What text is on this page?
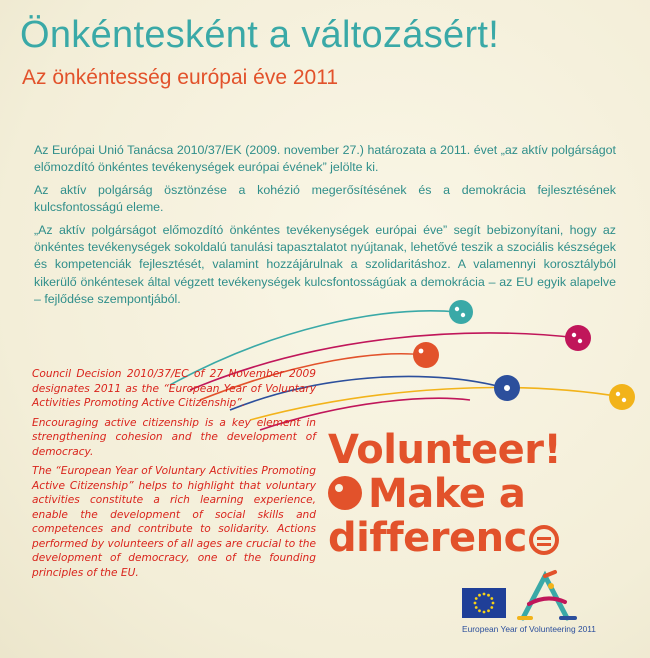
Önkéntesként a változásért!
Az önkéntesség európai éve 2011

Az Európai Unió Tanácsa 2010/37/EK (2009. november 27.) határozata a 2011. évet „az aktív polgárságot előmozdító önkéntes tevékenységek európai évének” jelölte ki.

Az aktív polgárság ösztönzése a kohézió megerősítésének és a demokrácia fejlesztésének kulcsfontosságú eleme.

„Az aktív polgárságot előmozdító önkéntes tevékenységek európai éve” segít bebizonyítani, hogy az önkéntes tevékenységek sokoldalú tanulási tapasztalatot nyújtanak, lehetővé teszik a szociális készségek és kompetenciák fejlesztését, valamint hozzájárulnak a szolidaritáshoz. A valamennyi korosztályból kikerülő önkéntesek által végzett tevékenységek kulcsfontosságúak a demokrácia – az EU egyik alapelve – fejlődése szempontjából.

Council Decision 2010/37/EC of 27 November 2009 designates 2011 as the “European Year of Voluntary Activities Promoting Active Citizenship”.

Encouraging active citizenship is a key element in strengthening cohesion and the development of democracy.

The “European Year of Voluntary Activities Promoting Active Citizenship” helps to highlight that voluntary activities constitute a rich learning experience, enable the development of social skills and competences and contribute to solidarity. Actions performed by volunteers of all ages are crucial to the development of democracy, one of the founding principles of the EU.

Volunteer!
Make a
differenc
European Year of Volunteering 2011
